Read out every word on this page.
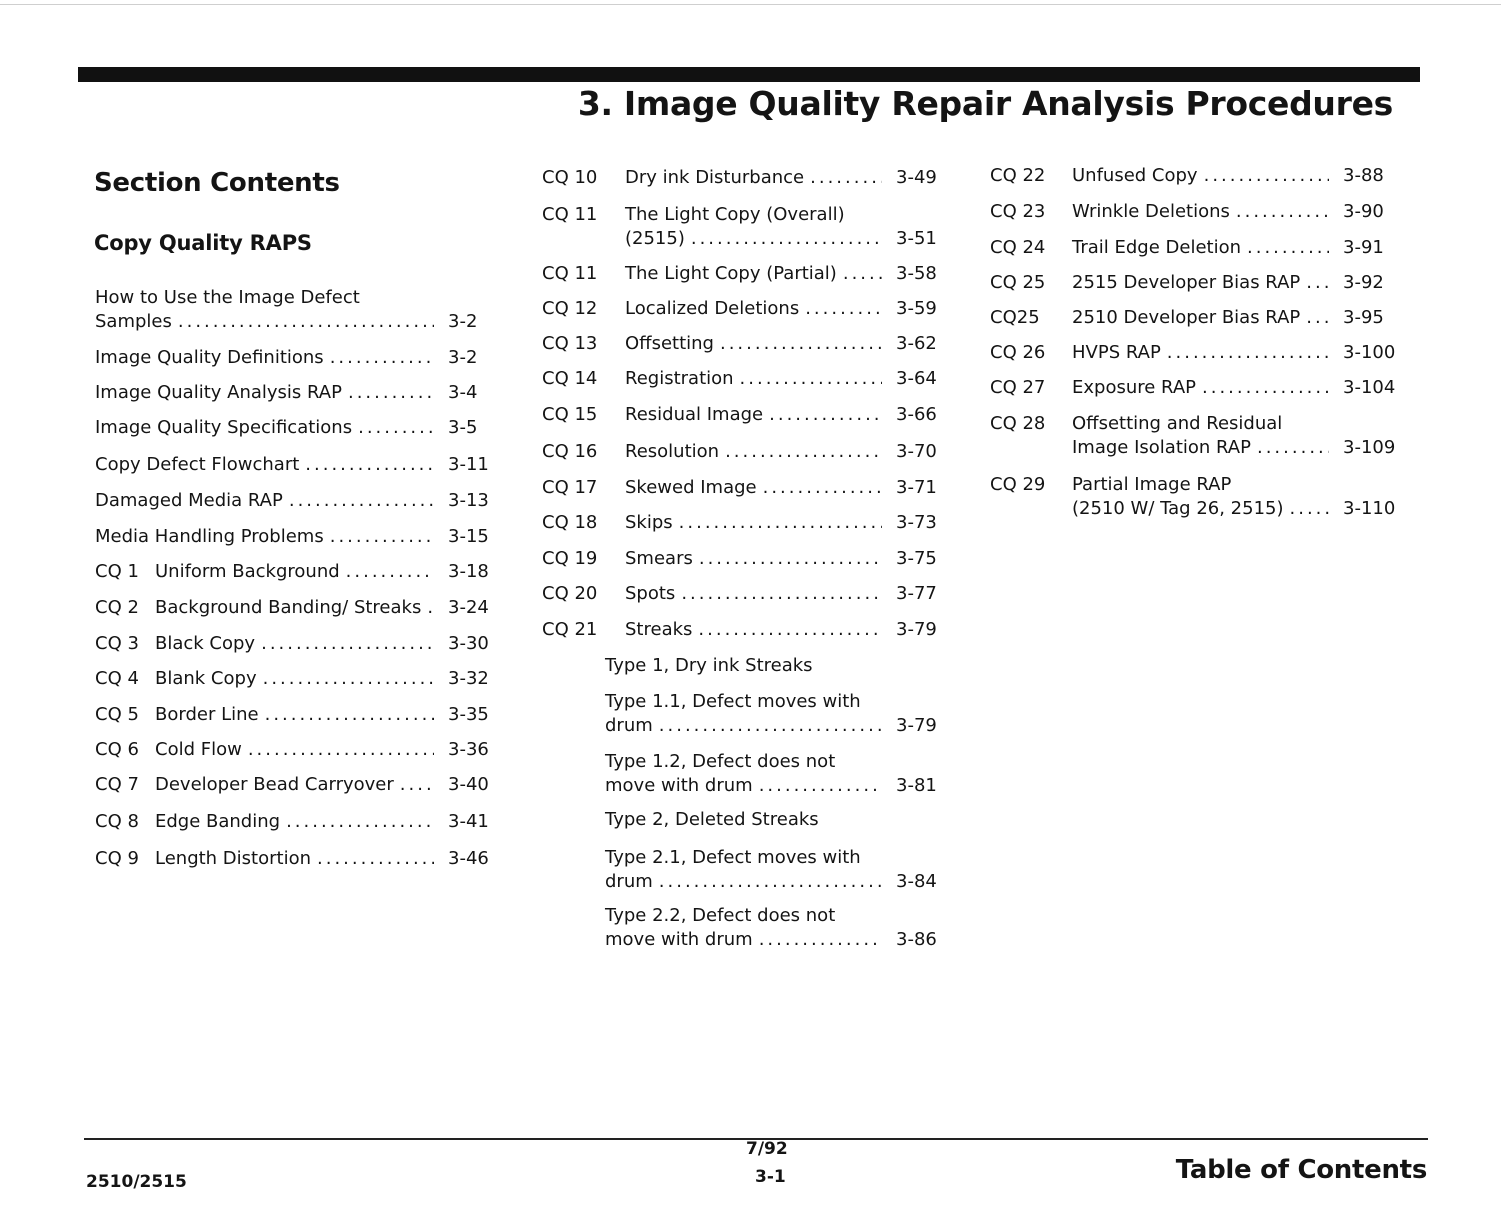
3. Image Quality Repair Analysis Procedures
Section Contents
Copy Quality RAPS
How to Use the Image Defect
Samples .....	3-2
Image Quality Definitions .....	3-2
Image Quality Analysis RAP .....	3-4
Image Quality Specifications .....	3-5
Copy Defect Flowchart .....	3-11
Damaged Media RAP .....	3-13
Media Handling Problems .....	3-15
CQ 1 Uniform Background .....	3-18
CQ 2 Background Banding/ Streaks ..... 3-24
CQ 3 Black Copy .....	3-30
CQ 4 Blank Copy .....	3-32
CQ 5 Border Line .....	3-35
CQ 6 Cold Flow .....	3-36
CQ 7 Developer Bead Carryover .....	3-40
CQ 8 Edge Banding .....	3-41
CQ 9 Length Distortion .....	3-46
CQ 10 Dry ink Disturbance .....	3-49
CQ 11 The Light Copy (Overall)
(2515) .....	3-51
CQ 11 The Light Copy (Partial) .....	3-58
CQ 12 Localized Deletions .....	3-59
CQ 13 Offsetting .....	3-62
CQ 14 Registration .....	3-64
CQ 15 Residual Image .....	3-66
CQ 16 Resolution .....	3-70
CQ 17 Skewed Image .....	3-71
CQ 18 Skips .....	3-73
CQ 19 Smears .....	3-75
CQ 20 Spots .....	3-77
CQ 21 Streaks .....	3-79
Type 1, Dry ink Streaks
Type 1.1, Defect moves with
drum .....	3-79
Type 1.2, Defect does not
move with drum .....	3-81
Type 2, Deleted Streaks
Type 2.1, Defect moves with
drum .....	3-84
Type 2.2, Defect does not
move with drum .....	3-86
CQ 22 Unfused Copy .....	3-88
CQ 23 Wrinkle Deletions .....	3-90
CQ 24 Trail Edge Deletion .....	3-91
CQ 25 2515 Developer Bias RAP ..... 3-92
CQ25 2510 Developer Bias RAP ..... 3-95
CQ 26 HVPS RAP .....	3-100
CQ 27 Exposure RAP .....	3-104
CQ 28 Offsetting and Residual
Image Isolation RAP .....	3-109
CQ 29 Partial Image RAP
(2510 W/ Tag 26, 2515) .....	3-110
2510/2515
7/92
3-1	Table of Contents
